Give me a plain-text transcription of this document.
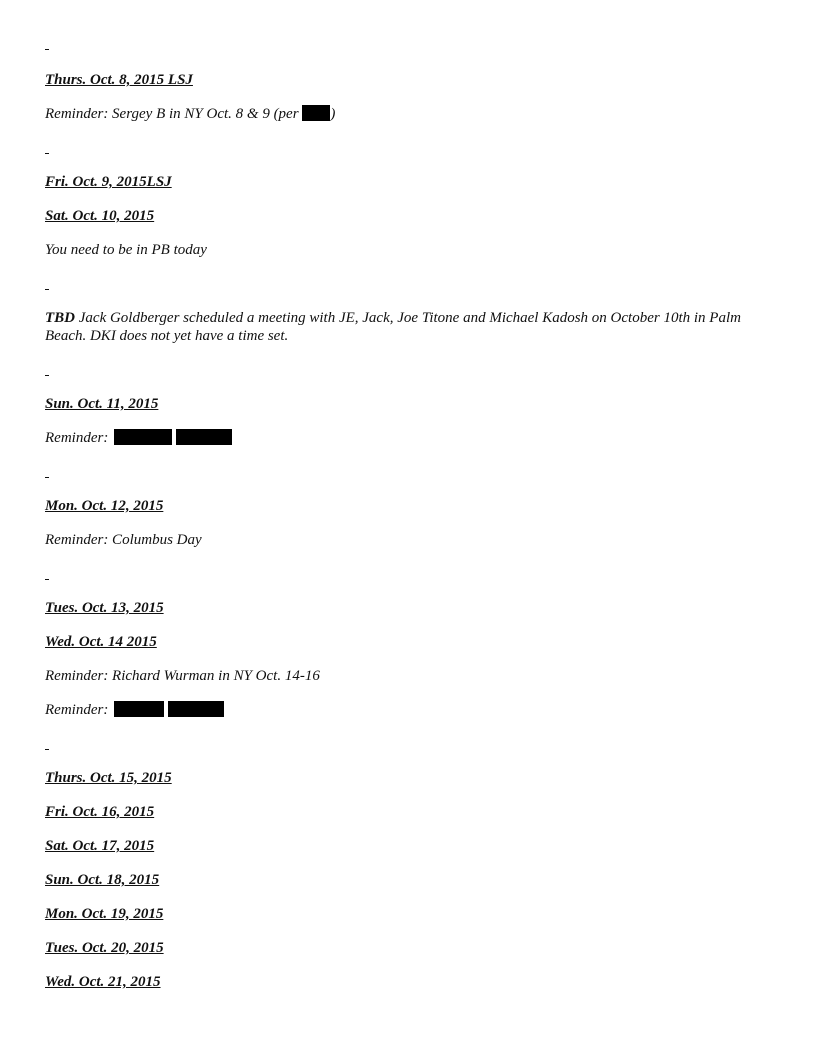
Thurs. Oct. 8, 2015 LSJ

Reminder: Sergey B in NY Oct. 8 & 9 (per )

Fri. Oct. 9, 2015LSJ

Sat. Oct. 10, 2015

You need to be in PB today

TBD Jack Goldberger scheduled a meeting with JE, Jack, Joe Titone and Michael Kadosh on October 10th in Palm Beach. DKI does not yet have a time set.

Sun. Oct. 11, 2015

Reminder:

Mon. Oct. 12, 2015

Reminder: Columbus Day

Tues. Oct. 13, 2015

Wed. Oct. 14 2015

Reminder: Richard Wurman in NY Oct. 14-16

Reminder:

Thurs. Oct. 15, 2015

Fri. Oct. 16, 2015

Sat. Oct. 17, 2015

Sun. Oct. 18, 2015

Mon. Oct. 19, 2015

Tues. Oct. 20, 2015

Wed. Oct. 21, 2015
